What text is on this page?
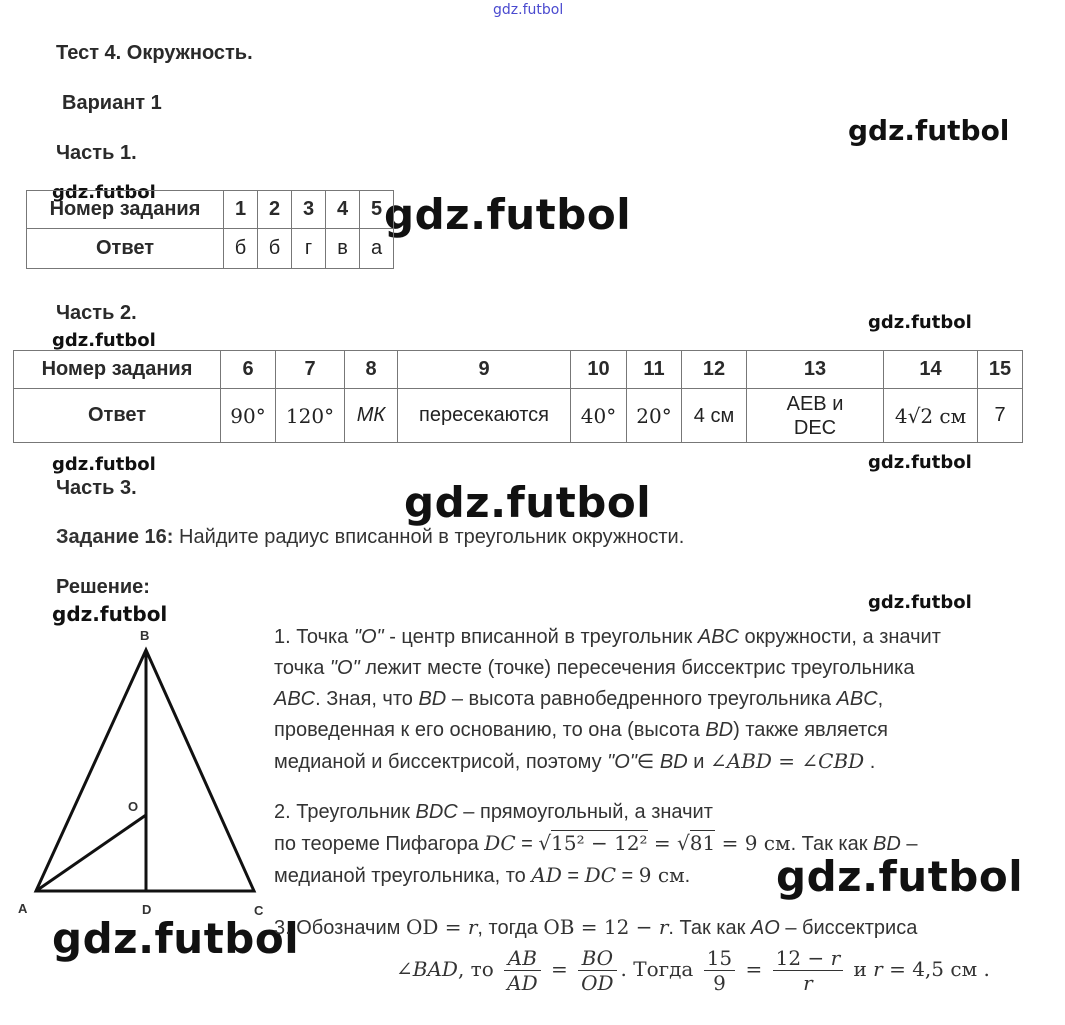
gdz.futbol
gdz.futbol
gdz.futbol	gdz.futbol
gdz.futbol
gdz.futbol
gdz.futbol	gdz.futbol
gdz.futbol
gdz.futbol
gdz.futbol
gdz.futbol
gdz.futbol
Тест 4. Окружность.
Вариант 1
Часть 1.
Номер задания	1	2	3	4	5
Ответ	б	б	г	в	а
Часть 2.
Номер задания	6	7	8	9	10	11	12	13	14	15
Ответ	90°	120°	МК	пересекаются	40°	20°	4 см	АЕВ и DEC	4√2 см	7
Часть 3.
Задание 16: Найдите радиус вписанной в треугольник окружности.
Решение:
B
O
A	D	C
1. Точка "О" - центр вписанной в треугольник ABC окружности, а значит
точка "О" лежит месте (точке) пересечения биссектрис треугольника
ABC. Зная, что BD – высота равнобедренного треугольника ABC,
проведенная к его основанию, то она (высота BD) также является
медианой и биссектрисой, поэтому "О"∈ BD и ∠ABD = ∠CBD .
2. Треугольник BDC – прямоугольный, а значит
по теореме Пифагора DC = √15² − 12² = √81 = 9 см. Так как BD –
медианой треугольника, то AD = DC = 9 см.
3. Обозначим OD = r, тогда OB = 12 − r. Так как AO – биссектриса
∠BAD, то $\frac{AB}{AD} = \frac{BO}{OD}$ . Тогда $\frac{15}{9} = \frac{12 - r}{r}$ и r = 4,5 см .
